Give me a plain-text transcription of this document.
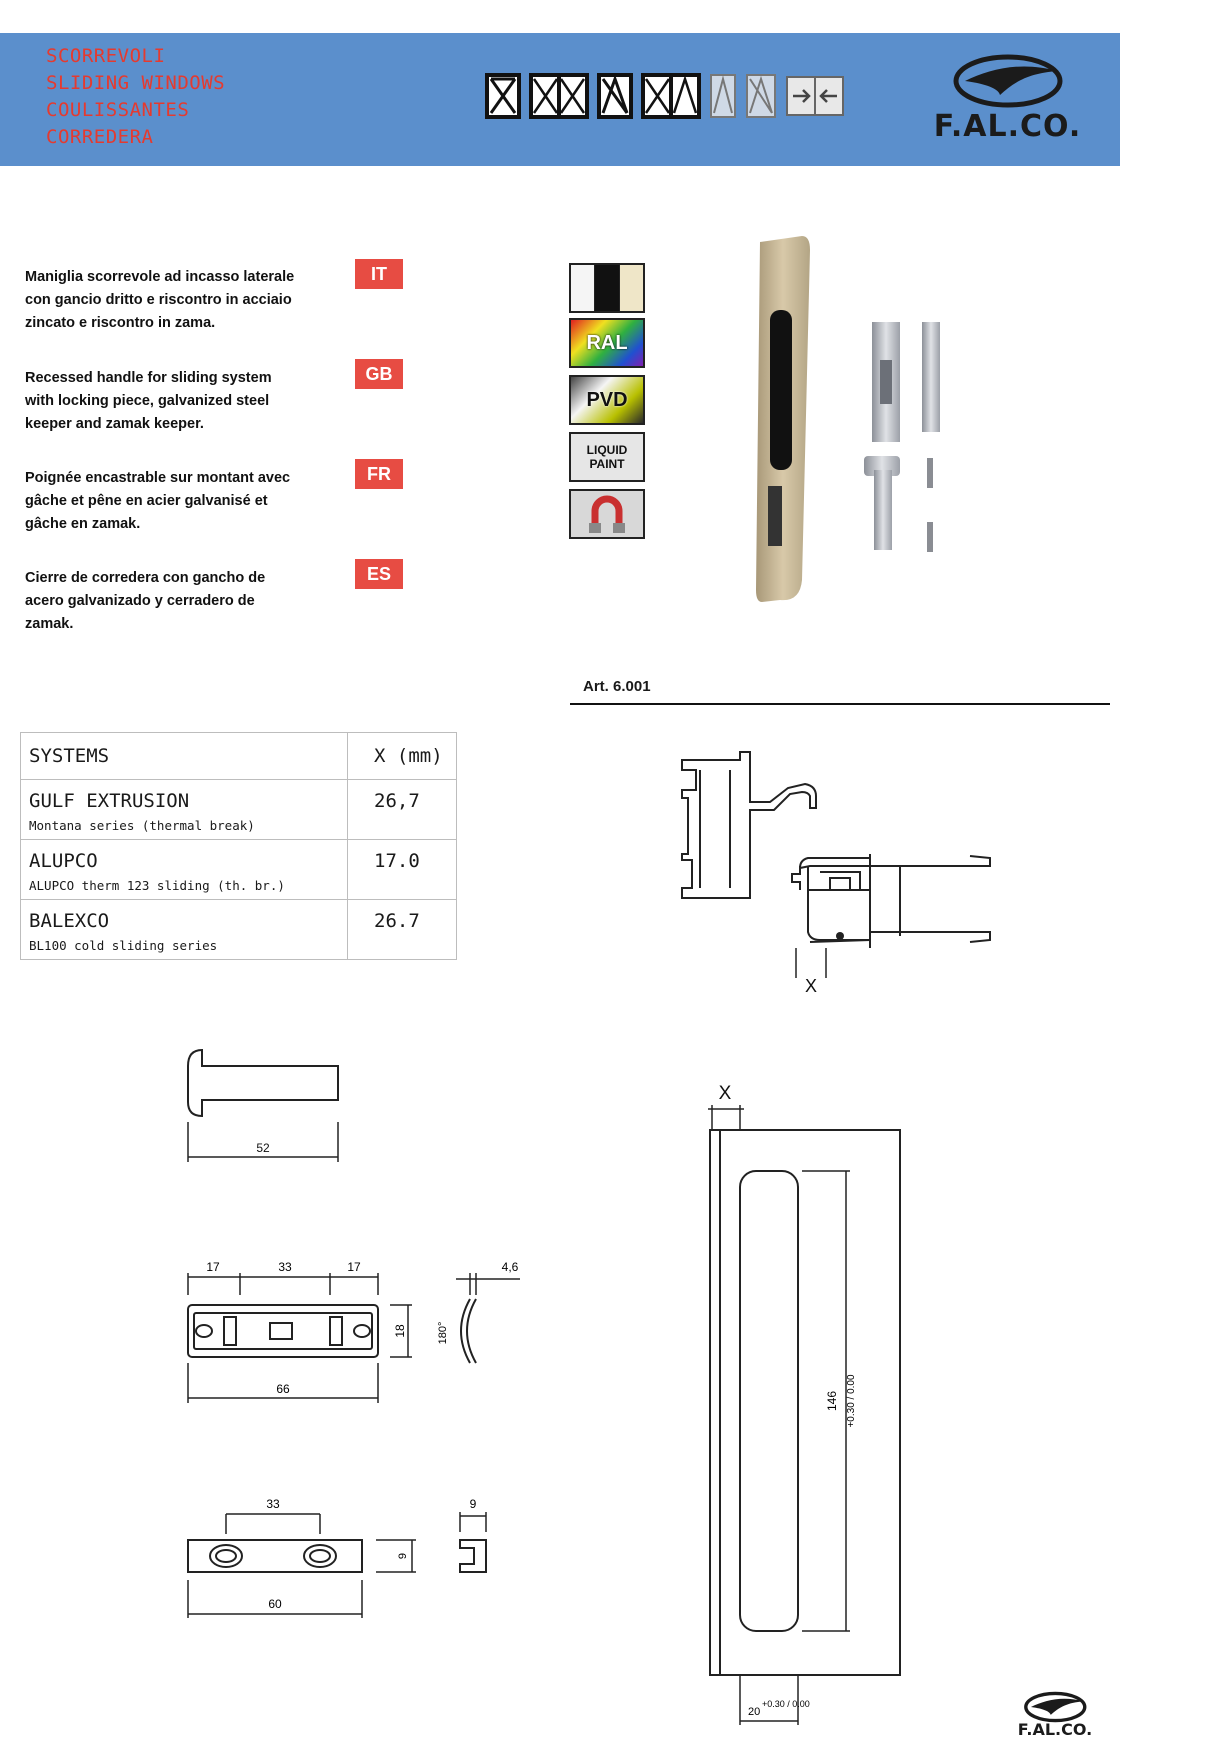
SCORREVOLI
SLIDING WINDOWS
COULISSANTES
CORREDERA	F.AL.CO.
Maniglia scorrevole ad incasso laterale con gancio dritto e riscontro in acciaio zincato e riscontro in zama.
IT
Recessed handle for sliding system with locking piece, galvanized steel keeper and zamak keeper.
GB
Poignée encastrable sur montant avec gâche et pêne en acier galvanisé et gâche en zamak.
FR
Cierre de corredera con gancho de acero galvanizado y cerradero de zamak.
ES
RAL
PVD
LIQUID PAINT
Art. 6.001
SYSTEMS	X (mm)

GULF EXTRUSION
Montana series (thermal break)	26,7

ALUPCO
ALUPCO therm 123 sliding (th. br.)	17.0

BALEXCO
BL100 cold sliding series	26.7
X
52
17	33	17
18
66
4,6
180°
33
9
9
60
X
146 +0.30 / 0.00
20
+0.30 / 0.00
F.AL.CO.
